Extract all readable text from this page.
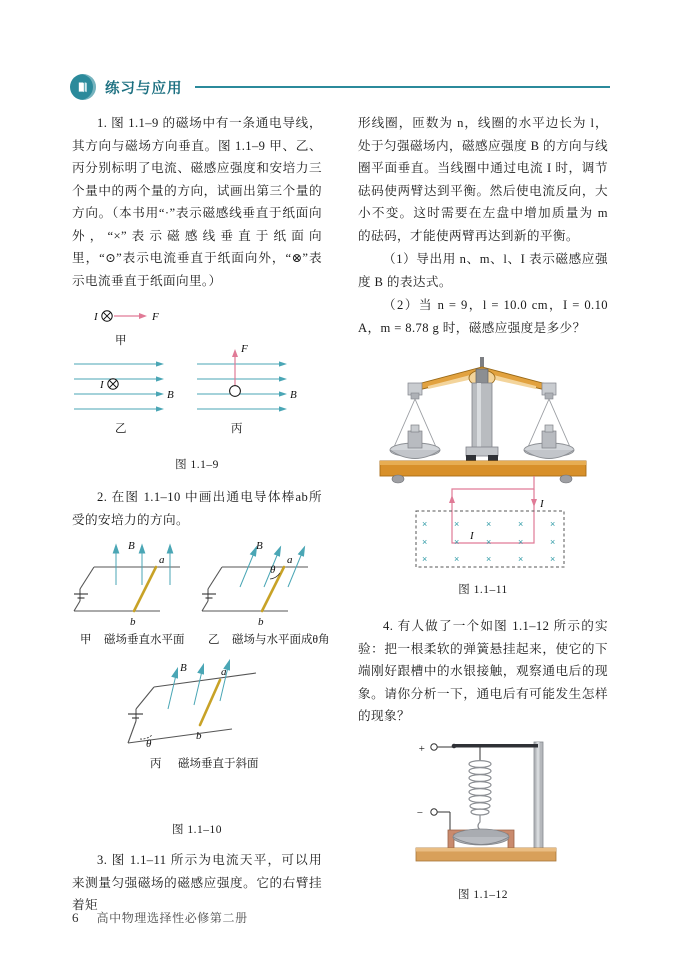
练习与应用

1. 图 1.1–9 的磁场中有一条通电导线，其方向与磁场方向垂直。图 1.1–9 甲、乙、丙分别标明了电流、磁感应强度和安培力三个量中的两个量的方向，试画出第三个量的方向。（本书用“·”表示磁感线垂直于纸面向外，“×”表示磁感线垂直于纸面向里，“⊙”表示电流垂直于纸面向外，“⊗”表示电流垂直于纸面向里。）

I	F
甲
I
B
乙
F
B
丙
图 1.1–9

2. 在图 1.1–10 中画出通电导体棒ab所受的安培力的方向。

B
a
b
甲 磁场垂直水平面
B
θ
a
b
乙 磁场与水平面成θ角
θ
B	a
b
丙 磁场垂直于斜面
图 1.1–10

3. 图 1.1–11 所示为电流天平，可以用来测量匀强磁场的磁感应强度。它的右臂挂着矩

形线圈，匝数为 n，线圈的水平边长为 l，处于匀强磁场内，磁感应强度 B 的方向与线圈平面垂直。当线圈中通过电流 I 时，调节砝码使两臂达到平衡。然后使电流反向，大小不变。这时需要在左盘中增加质量为 m 的砝码，才能使两臂再达到新的平衡。

（1）导出用 n、m、l、I 表示磁感应强度 B 的表达式。

（2）当 n = 9，l = 10.0 cm，I = 0.10 A，m = 8.78 g 时，磁感应强度是多少？

I
I
×	×	×	×	×
×	×	×	×	×
×	×	×	×	×
图 1.1–11

4. 有人做了一个如图 1.1–12 所示的实验：把一根柔软的弹簧悬挂起来，使它的下端刚好跟槽中的水银接触，观察通电后的现象。请你分析一下，通电后有可能发生怎样的现象？

+
−
图 1.1–12
6 高中物理选择性必修第二册
